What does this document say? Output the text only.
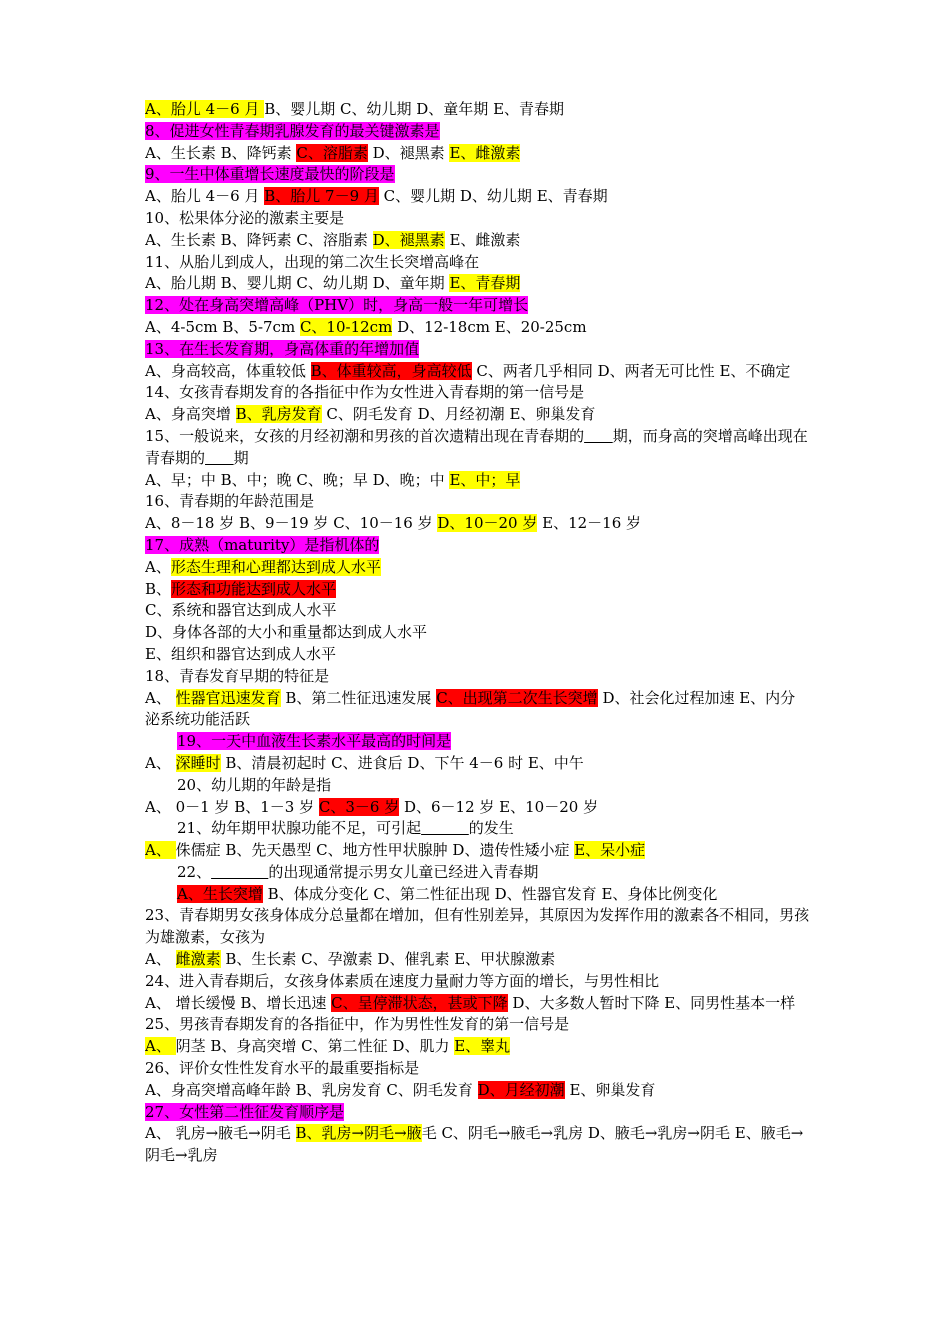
A、胎儿 4－6 月 B、婴儿期 C、幼儿期 D、童年期 E、青春期
8、促进女性青春期乳腺发育的最关键激素是
A、生长素 B、降钙素 C、溶脂素 D、褪黑素 E、雌激素
9、一生中体重增长速度最快的阶段是
A、胎儿 4－6 月 B、胎儿 7－9 月 C、婴儿期 D、幼儿期 E、青春期
10、松果体分泌的激素主要是
A、生长素 B、降钙素 C、溶脂素 D、褪黑素 E、雌激素
11、从胎儿到成人，出现的第二次生长突增高峰在
A、胎儿期 B、婴儿期 C、幼儿期 D、童年期 E、青春期
12、处在身高突增高峰（PHV）时，身高一般一年可增长
A、4-5cm B、5-7cm C、10-12cm D、12-18cm E、20-25cm
13、在生长发育期，身高体重的年增加值
A、身高较高，体重较低 B、体重较高，身高较低 C、两者几乎相同 D、两者无可比性 E、不确定
14、女孩青春期发育的各指征中作为女性进入青春期的第一信号是
A、身高突增 B、乳房发育 C、阴毛发育 D、月经初潮 E、卵巢发育
15、一般说来，女孩的月经初潮和男孩的首次遗精出现在青春期的 期，而身高的突增高峰出现在青春期的 期
A、早；中 B、中；晚 C、晚；早 D、晚；中 E、中；早
16、青春期的年龄范围是
A、8－18 岁 B、9－19 岁 C、10－16 岁 D、10－20 岁 E、12－16 岁
17、成熟（maturity）是指机体的
A、形态生理和心理都达到成人水平
B、形态和功能达到成人水平
C、系统和器官达到成人水平
D、身体各部的大小和重量都达到成人水平
E、组织和器官达到成人水平
18、青春发育早期的特征是
A、 性器官迅速发育 B、第二性征迅速发展 C、出现第二次生长突增 D、社会化过程加速 E、内分泌系统功能活跃
19、一天中血液生长素水平最高的时间是
A、 深睡时 B、清晨初起时 C、进食后 D、下午 4－6 时 E、中午
20、幼儿期的年龄是指
A、 0－1 岁 B、1－3 岁 C、3－6 岁 D、6－12 岁 E、10－20 岁
21、幼年期甲状腺功能不足，可引起	的发生
A、 侏儒症 B、先天愚型 C、地方性甲状腺肿 D、遗传性矮小症 E、呆小症
22、	的出现通常提示男女儿童已经进入青春期
A、生长突增 B、体成分变化 C、第二性征出现 D、性器官发育 E、身体比例变化
23、青春期男女孩身体成分总量都在增加，但有性别差异，其原因为发挥作用的激素各不相同，男孩为雄激素，女孩为
A、 雌激素 B、生长素 C、孕激素 D、催乳素 E、甲状腺激素
24、进入青春期后，女孩身体素质在速度力量耐力等方面的增长，与男性相比
A、 增长缓慢 B、增长迅速 C、呈停滞状态，甚或下降 D、大多数人暂时下降 E、同男性基本一样
25、男孩青春期发育的各指征中，作为男性性发育的第一信号是
A、 阴茎 B、身高突增 C、第二性征 D、肌力 E、睾丸
26、评价女性性发育水平的最重要指标是
A、身高突增高峰年龄 B、乳房发育 C、阴毛发育 D、月经初潮 E、卵巢发育
27、女性第二性征发育顺序是
A、 乳房→腋毛→阴毛 B、乳房→阴毛→腋毛 C、阴毛→腋毛→乳房 D、腋毛→乳房→阴毛 E、腋毛→阴毛→乳房
